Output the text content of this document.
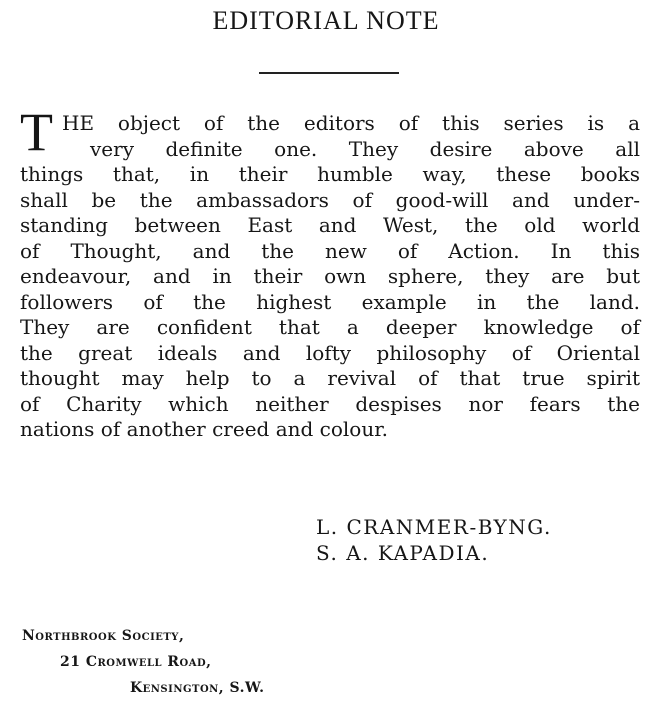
EDITORIAL NOTE
T HE object of the editors of this series is a
very definite one. They desire above all
things that, in their humble way, these books
shall be the ambassadors of good-will and under-
standing between East and West, the old world
of Thought, and the new of Action. In this
endeavour, and in their own sphere, they are but
followers of the highest example in the land.
They are confident that a deeper knowledge of
the great ideals and lofty philosophy of Oriental
thought may help to a revival of that true spirit
of Charity which neither despises nor fears the
nations of another creed and colour.
L. CRANMER-BYNG.
S. A. KAPADIA.
Northbrook Society,
21 Cromwell Road,
Kensington, S.W.
